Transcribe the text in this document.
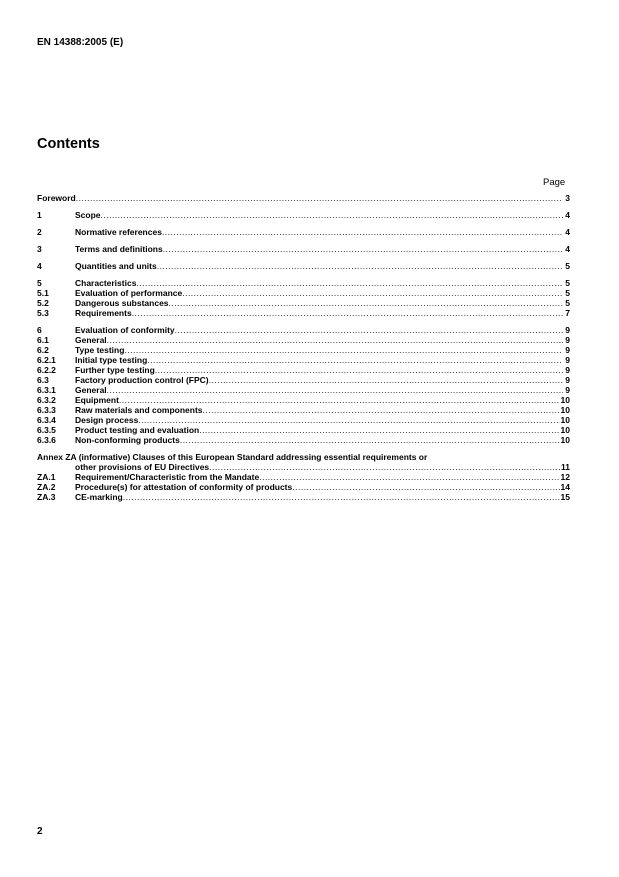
EN 14388:2005 (E)
Contents
Page
Foreword .....	3
1	Scope .....	4
2	Normative references .....	4
3	Terms and definitions .....	4
4	Quantities and units .....	5
5	Characteristics .....	5
5.1	Evaluation of performance .....	5
5.2	Dangerous substances .....	5
5.3	Requirements .....	7
6	Evaluation of conformity .....	9
6.1	General .....	9
6.2	Type testing .....	9
6.2.1	Initial type testing .....	9
6.2.2	Further type testing .....	9
6.3	Factory production control (FPC) .....	9
6.3.1	General .....	9
6.3.2	Equipment .....	10
6.3.3	Raw materials and components .....	10
6.3.4	Design process .....	10
6.3.5	Product testing and evaluation .....	10
6.3.6	Non-conforming products .....	10
Annex ZA (informative) Clauses of this European Standard addressing essential requirements or
other provisions of EU Directives .....	11
ZA.1	Requirement/Characteristic from the Mandate .....	12
ZA.2	Procedure(s) for attestation of conformity of products .....	14
ZA.3	CE-marking .....	15
2
